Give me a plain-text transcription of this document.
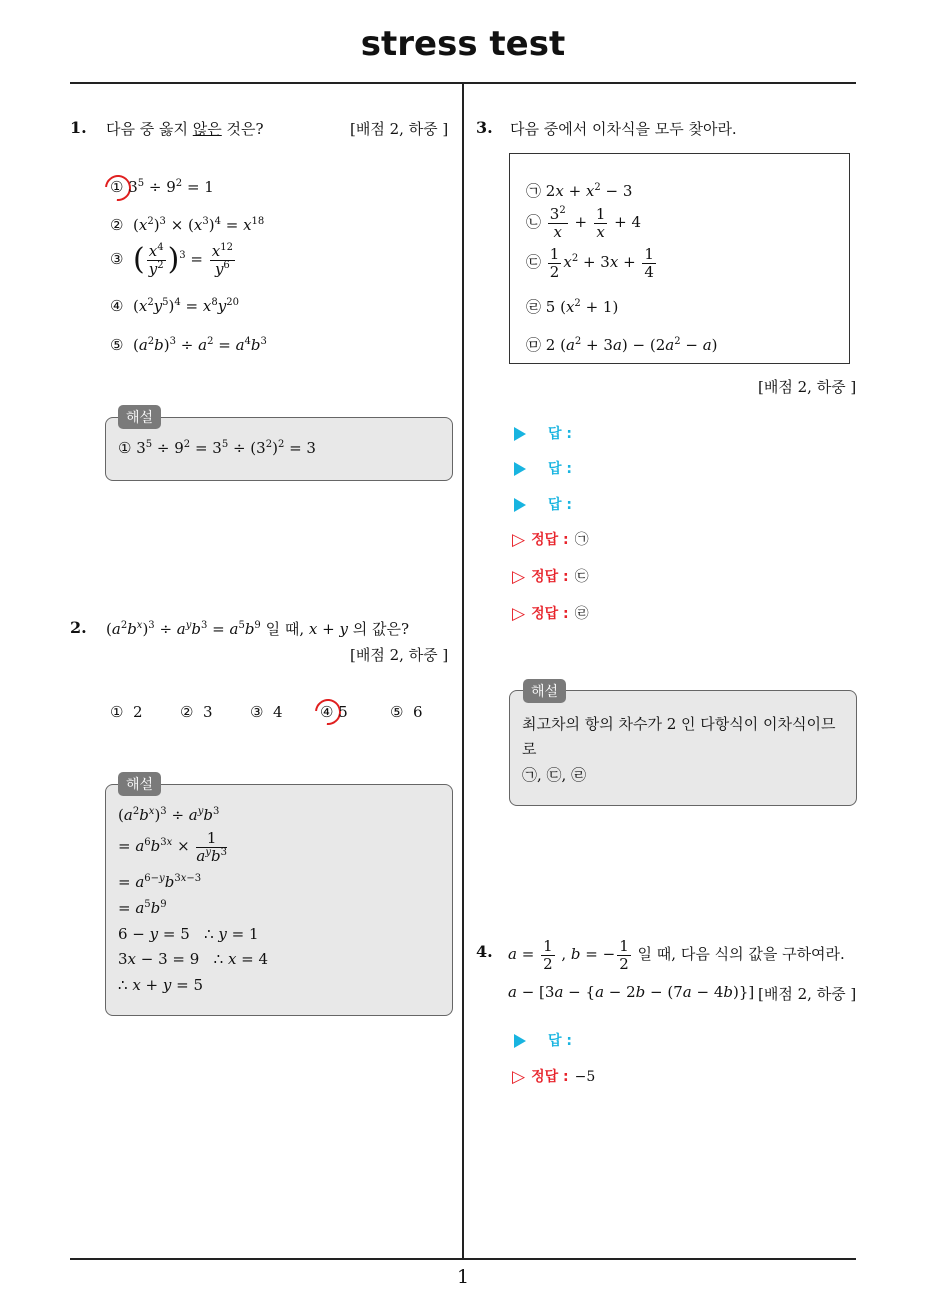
stress test
1
1. 다음 중 옳지 않은 것은?	[배점 2, 하중 ]
① $3^5 \div 9^2 = 1$
②  $(x^2)^3 \times (x^3)^4 = x^{18}$
③ ( $\frac{x^4}{y^2} )^3 = \frac{x^{12}}{y^6}$
④  $(x^2y^5)^4 = x^8y^{20}$
⑤  $(a^2b)^3 \div a^2 = a^4b^3$
해설
① $3^5 \div 9^2 = 3^5 \div (3^2)^2 = 3$
2. $(a^2b^x)^3 \div a^yb^3 = a^5b^9$ 일 때, x + y 의 값은?
[배점 2, 하중 ]
① 2 ② 3 ③ 4 ④ 5	⑤ 6
해설
$(a^2b^x)^3 \div a^yb^3$
= $a^6b^{3x} \times \frac{1}{a^yb^3}$
= $a^{6-y}b^{3x-3}$
= $a^5b^9$
6 − y = 5   ∴ y = 1
3x − 3 = 9   ∴ x = 4
∴ x + y = 5
3. 다음 중에서 이차식을 모두 찾아라.
㉠ $2x + x^2 - 3$
㉡ $\frac{3^2}{x} + \frac{1}{x} + 4$
㉢ $\frac{1}{2} x^2 + 3x + \frac{1}{4}$
㉣ 5 $(x^2 + 1)$
㉤ 2 $(a^2 + 3a) - (2a^2 - a)$
[배점 2, 하중 ]
답 :
답 :
답 :
▷ 정답 : ㉠
▷ 정답 : ㉢
▷ 정답 : ㉣
해설
최고차의 항의 차수가 2 인 다항식이 이차식이므
로
㉠, ㉢, ㉣
4. $a = \frac{1}{2}$ , b = − $\frac{1}{2}$ 일 때, 다음 식의 값을 구하여라.
a − [3a − {a − 2b − (7a − 4b)}] [배점 2, 하중 ]
답 :
▷ 정답 : −5
